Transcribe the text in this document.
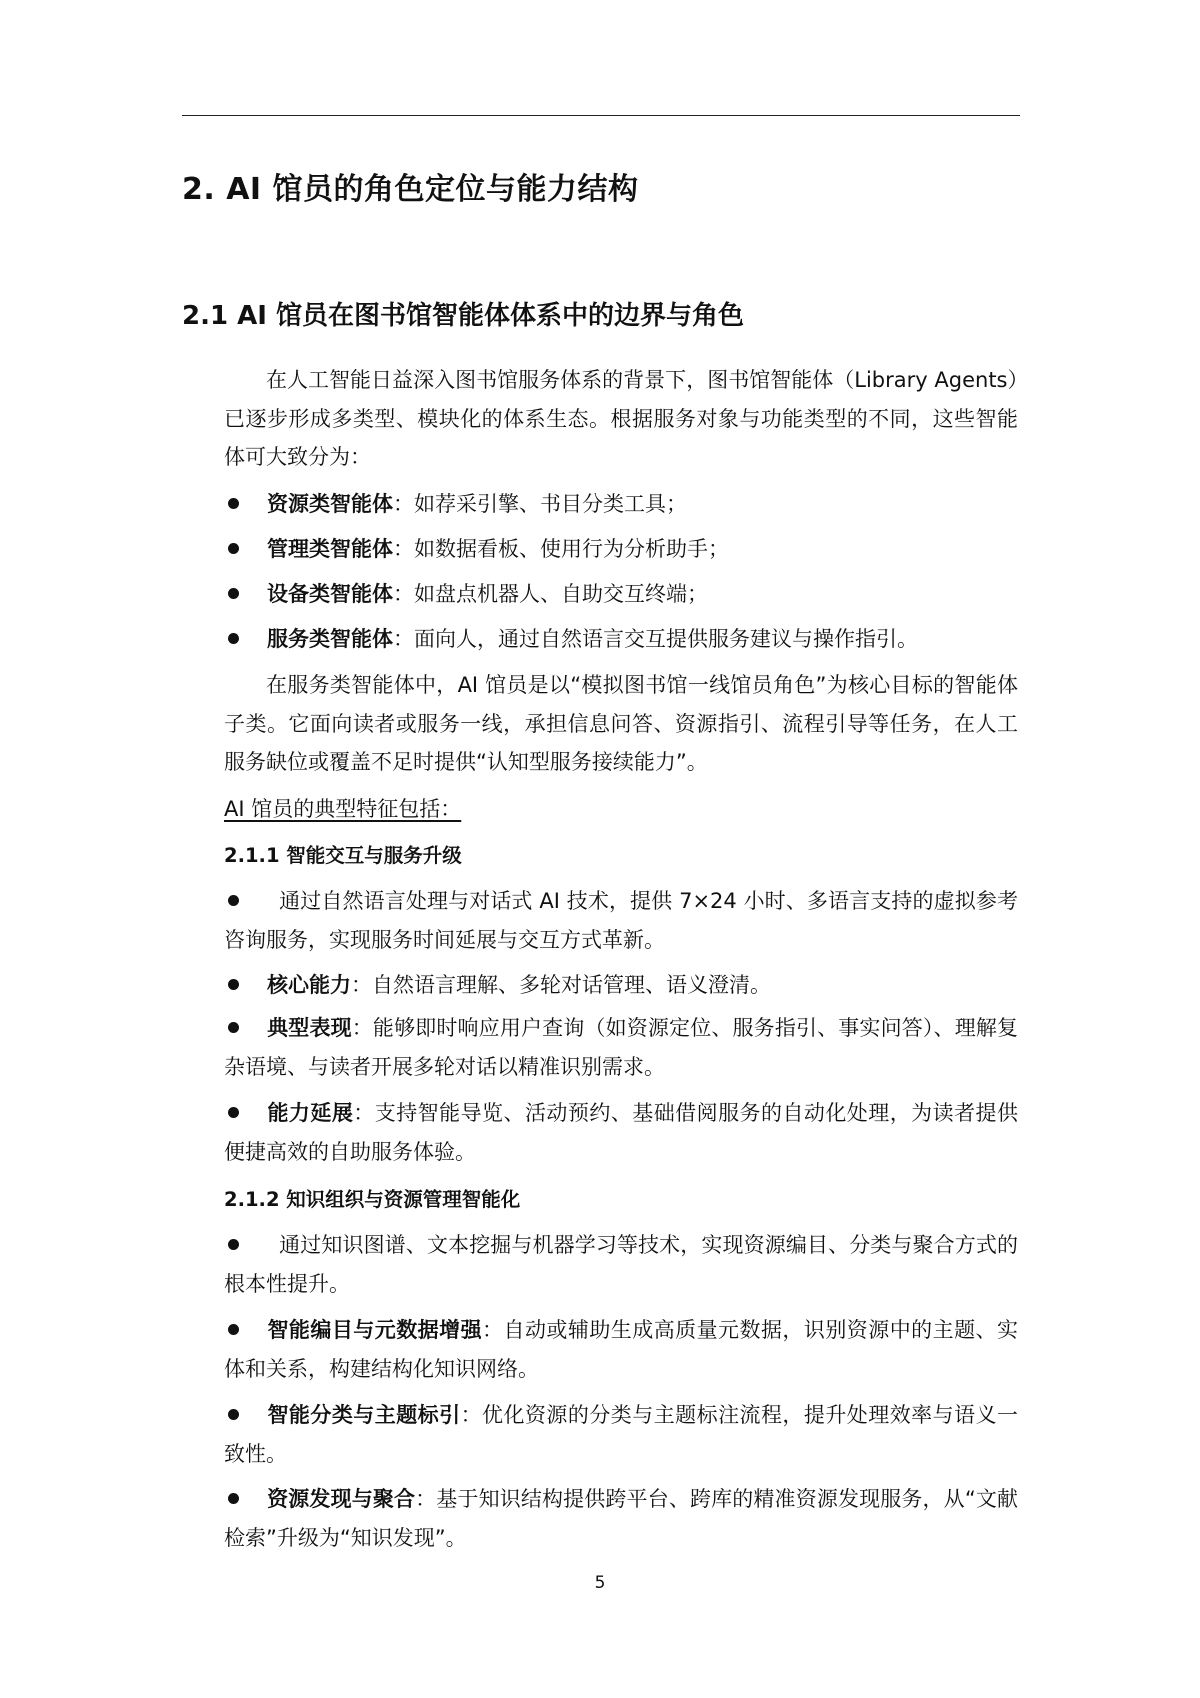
2. AI 馆员的角色定位与能力结构
2.1 AI 馆员在图书馆智能体体系中的边界与角色
在人工智能日益深入图书馆服务体系的背景下，图书馆智能体（Library Agents）已逐步形成多类型、模块化的体系生态。根据服务对象与功能类型的不同，这些智能体可大致分为：
资源类智能体：如荐采引擎、书目分类工具；
管理类智能体：如数据看板、使用行为分析助手；
设备类智能体：如盘点机器人、自助交互终端；
服务类智能体：面向人，通过自然语言交互提供服务建议与操作指引。
在服务类智能体中，AI 馆员是以“模拟图书馆一线馆员角色”为核心目标的智能体子类。它面向读者或服务一线，承担信息问答、资源指引、流程引导等任务，在人工服务缺位或覆盖不足时提供“认知型服务接续能力”。
AI 馆员的典型特征包括：
2.1.1 智能交互与服务升级
通过自然语言处理与对话式 AI 技术，提供 7×24 小时、多语言支持的虚拟参考咨询服务，实现服务时间延展与交互方式革新。
核心能力：自然语言理解、多轮对话管理、语义澄清。
典型表现：能够即时响应用户查询（如资源定位、服务指引、事实问答）、理解复杂语境、与读者开展多轮对话以精准识别需求。
能力延展：支持智能导览、活动预约、基础借阅服务的自动化处理，为读者提供便捷高效的自助服务体验。
2.1.2 知识组织与资源管理智能化
通过知识图谱、文本挖掘与机器学习等技术，实现资源编目、分类与聚合方式的根本性提升。
智能编目与元数据增强：自动或辅助生成高质量元数据，识别资源中的主题、实体和关系，构建结构化知识网络。
智能分类与主题标引：优化资源的分类与主题标注流程，提升处理效率与语义一致性。
资源发现与聚合：基于知识结构提供跨平台、跨库的精准资源发现服务，从“文献检索”升级为“知识发现”。
5
